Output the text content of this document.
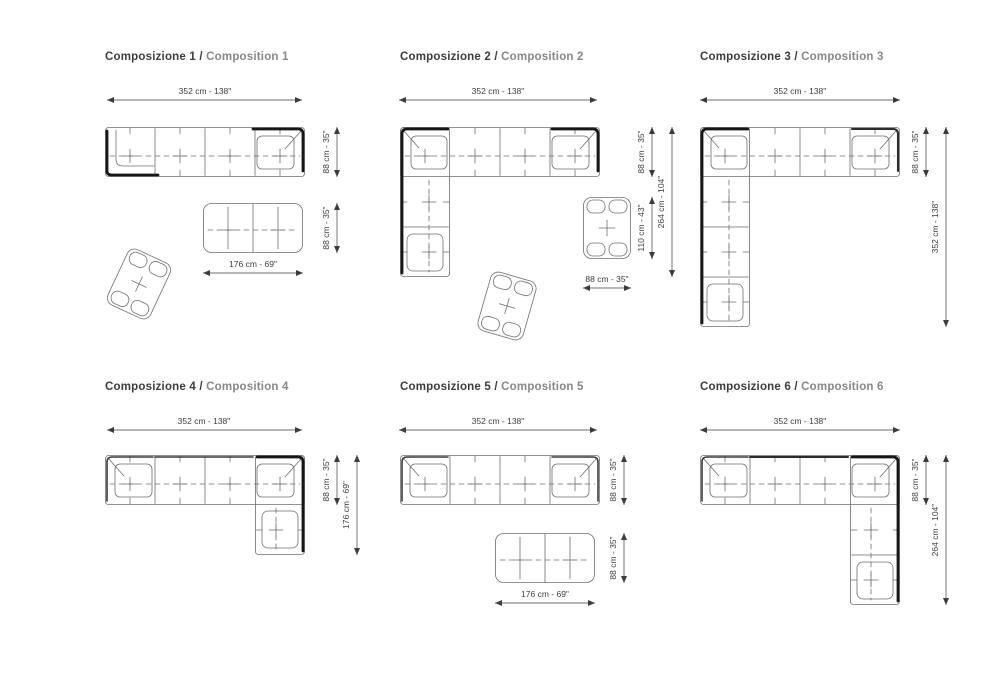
Composizione 1 / Composition 1
352 cm - 138"
88 cm - 35"
88 cm - 35"
176 cm - 69"
Composizione 2 / Composition 2
352 cm - 138"
88 cm - 35"
110 cm - 43" 264 cm - 104"
88 cm - 35"
Composizione 3 / Composition 3
352 cm - 138"
88 cm - 35"
352 cm - 138"
Composizione 4 / Composition 4
352 cm - 138"
88 cm - 35"
176 cm - 69"
Composizione 5 / Composition 5
352 cm - 138"
88 cm - 35"
88 cm - 35"
176 cm - 69"
Composizione 6 / Composition 6
352 cm - 138"
88 cm - 35"
264 cm - 104"
